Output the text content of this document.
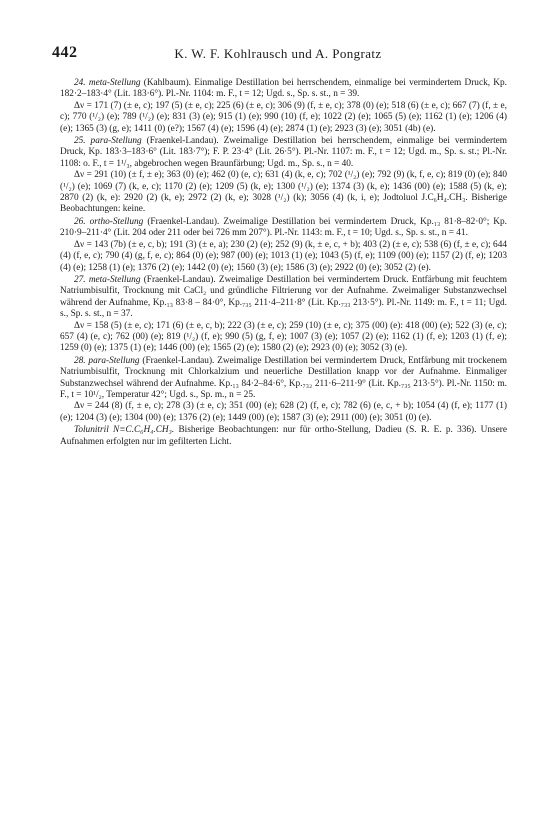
442	K. W. F. Kohlrausch und A. Pongratz

24. meta-Stellung (Kahlbaum). Einmalige Destillation bei herrschendem, einmalige bei vermindertem Druck, Kp. 182·2–183·4° (Lit. 183·6°). Pl.-Nr. 1104: m. F., t = 12; Ugd. s., Sp. s. st., n = 39.

Δν = 171 (7) (± e, c); 197 (5) (± e, c); 225 (6) (± e, c); 306 (9) (f, ± e, c); 378 (0) (e); 518 (6) (± e, c); 667 (7) (f, ± e, c); 770 (¹/₂) (e); 789 (¹/₂) (e); 831 (3) (e); 915 (1) (e); 990 (10) (f, e); 1022 (2) (e); 1065 (5) (e); 1162 (1) (e); 1206 (4) (e); 1365 (3) (g, e); 1411 (0) (e?); 1567 (4) (e); 1596 (4) (e); 2874 (1) (e); 2923 (3) (e); 3051 (4b) (e).

25. para-Stellung (Fraenkel-Landau). Zweimalige Destillation bei herrschendem, einmalige bei vermindertem Druck, Kp. 183·3–183·6° (Lit. 183·7°); F. P. 23·4° (Lit. 26·5°). Pl.-Nr. 1107: m. F., t = 12; Ugd. m., Sp. s. st.; Pl.-Nr. 1108: o. F., t = 1¹/₃, abgebrochen wegen Braunfärbung; Ugd. m., Sp. s., n = 40.

Δν = 291 (10) (± f, ± e); 363 (0) (e); 462 (0) (e, c); 631 (4) (k, e, c); 702 (¹/₂) (e); 792 (9) (k, f, e, c); 819 (0) (e); 840 (¹/₂) (e); 1069 (7) (k, e, c); 1170 (2) (e); 1209 (5) (k, e); 1300 (¹/₂) (e); 1374 (3) (k, e); 1436 (00) (e); 1588 (5) (k, e); 2870 (2) (k, e): 2920 (2) (k, e); 2972 (2) (k, e); 3028 (¹/₂) (k); 3056 (4) (k, i, e); Jodtoluol J.C₆H₄.CH₃. Bisherige Beobachtungen: keine.

26. ortho-Stellung (Fraenkel-Landau). Zweimalige Destillation bei vermindertem Druck, Kp.₁₃ 81·8–82·0°; Kp. 210·9–211·4° (Lit. 204 oder 211 oder bei 726 mm 207°). Pl.-Nr. 1143: m. F., t = 10; Ugd. s., Sp. s. st., n = 41.

Δν = 143 (7b) (± e, c, b); 191 (3) (± e, a); 230 (2) (e); 252 (9) (k, ± e, c, + b); 403 (2) (± e, c); 538 (6) (f, ± e, c); 644 (4) (f, e, c); 790 (4) (g, f, e, c); 864 (0) (e); 987 (00) (e); 1013 (1) (e); 1043 (5) (f, e); 1109 (00) (e); 1157 (2) (f, e); 1203 (4) (e); 1258 (1) (e); 1376 (2) (e); 1442 (0) (e); 1560 (3) (e); 1586 (3) (e); 2922 (0) (e); 3052 (2) (e).

27. meta-Stellung (Fraenkel-Landau). Zweimalige Destillation bei vermindertem Druck. Entfärbung mit feuchtem Natriumbisulfit, Trocknung mit CaCl₂ und gründliche Filtrierung vor der Aufnahme. Zweimaliger Substanzwechsel während der Aufnahme, Kp.₁₃ 83·8 – 84·0°, Kp.₇₃₅ 211·4–211·8° (Lit. Kp.₇₃₃ 213·5°). Pl.-Nr. 1149: m. F., t = 11; Ugd. s., Sp. s. st., n = 37.

Δν = 158 (5) (± e, c); 171 (6) (± e, c, b); 222 (3) (± e, c); 259 (10) (± e, c); 375 (00) (e): 418 (00) (e); 522 (3) (e, c); 657 (4) (e, c); 762 (00) (e); 819 (¹/₂) (f, e); 990 (5) (g, f, e); 1007 (3) (e); 1057 (2) (e); 1162 (1) (f, e); 1203 (1) (f, e); 1259 (0) (e); 1375 (1) (e); 1446 (00) (e); 1565 (2) (e); 1580 (2) (e); 2923 (0) (e); 3052 (3) (e).

28. para-Stellung (Fraenkel-Landau). Zweimalige Destillation bei vermindertem Druck, Entfärbung mit trockenem Natriumbisulfit, Trocknung mit Chlorkalzium und neuerliche Destillation knapp vor der Aufnahme. Einmaliger Substanzwechsel während der Aufnahme. Kp.₁₃ 84·2–84·6°, Kp.₇₃₂ 211·6–211·9° (Lit. Kp.₇₃₅ 213·5°). Pl.-Nr. 1150: m. F., t = 10¹/₂, Temperatur 42°; Ugd. s., Sp. m., n = 25.

Δν = 244 (8) (f, ± e, c); 278 (3) (± e, c); 351 (00) (e); 628 (2) (f, e, c); 782 (6) (e, c, + b); 1054 (4) (f, e); 1177 (1) (e); 1204 (3) (e); 1304 (00) (e); 1376 (2) (e); 1449 (00) (e); 1587 (3) (e); 2911 (00) (e); 3051 (0) (e).

Tolunitril N≡C.C₆H₄.CH₃. Bisherige Beobachtungen: nur für ortho-Stellung, Dadieu (S. R. E. p. 336). Unsere Aufnahmen erfolgten nur im gefilterten Licht.
